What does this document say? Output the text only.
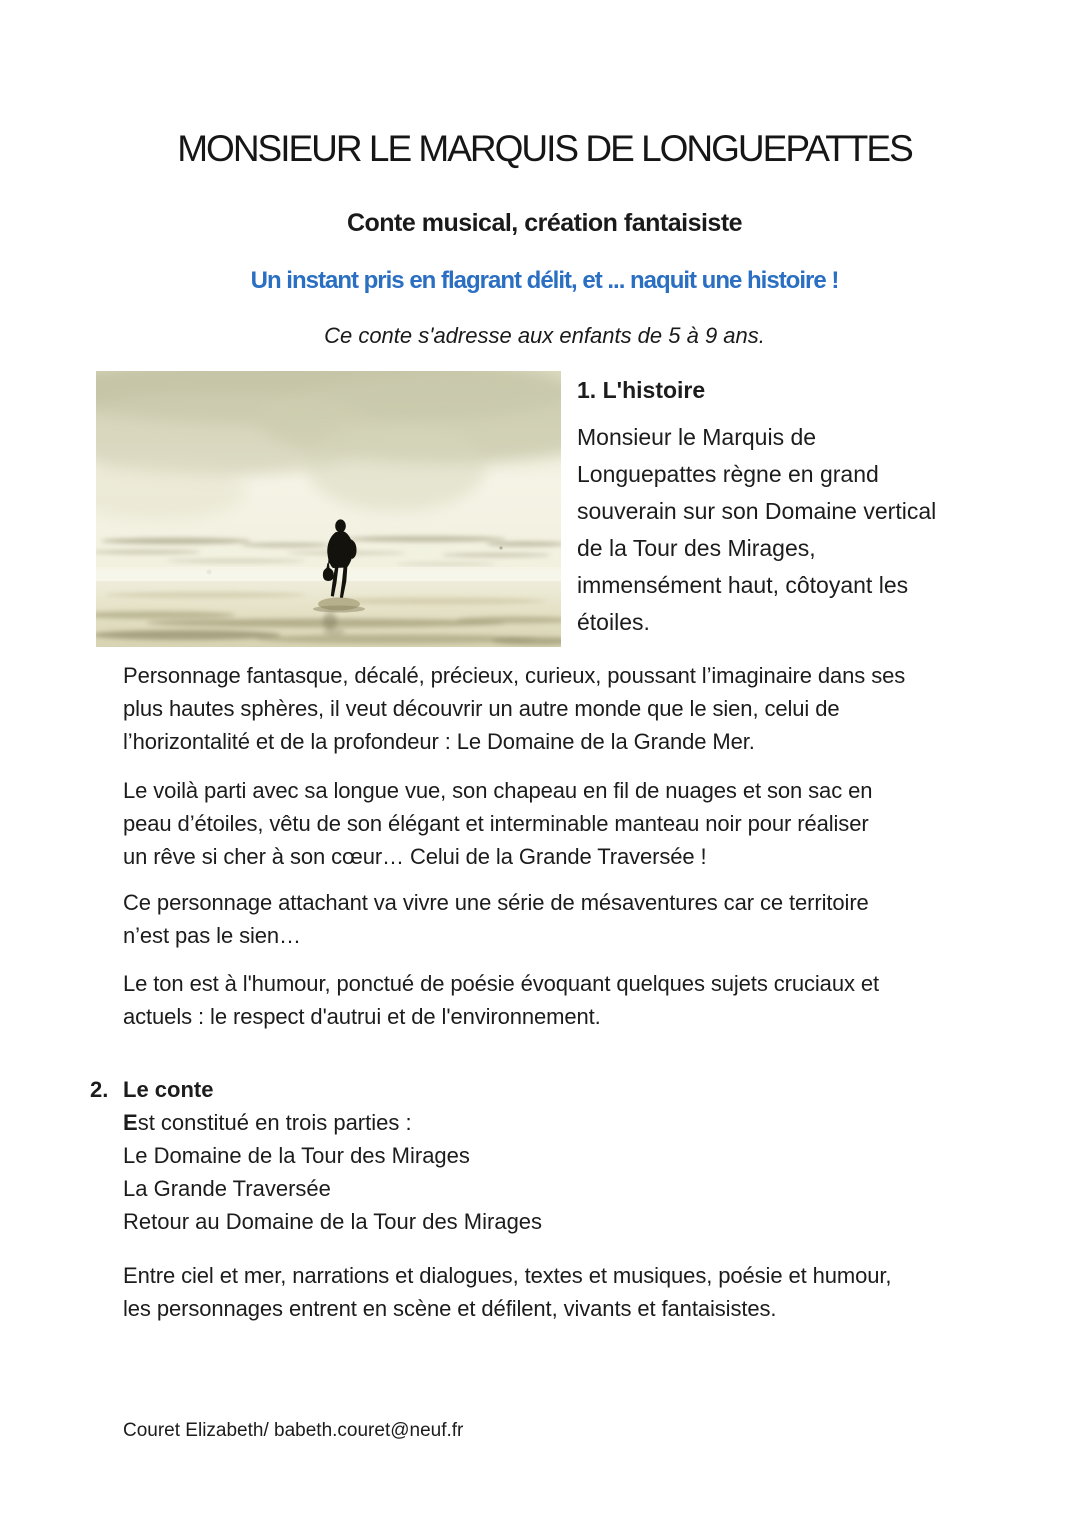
MONSIEUR LE MARQUIS DE LONGUEPATTES
Conte musical, création fantaisiste
Un instant pris en flagrant délit, et ... naquit une histoire !
Ce conte s'adresse aux enfants de 5 à 9 ans.
1. L'histoire
Monsieur le Marquis de
Longuepattes règne en grand
souverain sur son Domaine vertical
de la Tour des Mirages,
immensément haut, côtoyant les
étoiles.
Personnage fantasque, décalé, précieux, curieux, poussant l’imaginaire dans ses
plus hautes sphères, il veut découvrir un autre monde que le sien, celui de
l’horizontalité et de la profondeur : Le Domaine de la Grande Mer.
Le voilà parti avec sa longue vue, son chapeau en fil de nuages et son sac en
peau d’étoiles, vêtu de son élégant et interminable manteau noir pour réaliser
un rêve si cher à son cœur… Celui de la Grande Traversée !
Ce personnage attachant va vivre une série de mésaventures car ce territoire
n’est pas le sien…
Le ton est à l'humour, ponctué de poésie évoquant quelques sujets cruciaux et
actuels : le respect d'autrui et de l'environnement.
2. Le conte
Est constitué en trois parties :
Le Domaine de la Tour des Mirages
La Grande Traversée
Retour au Domaine de la Tour des Mirages
Entre ciel et mer, narrations et dialogues, textes et musiques, poésie et humour,
les personnages entrent en scène et défilent, vivants et fantaisistes.
Couret Elizabeth/ babeth.couret@neuf.fr
